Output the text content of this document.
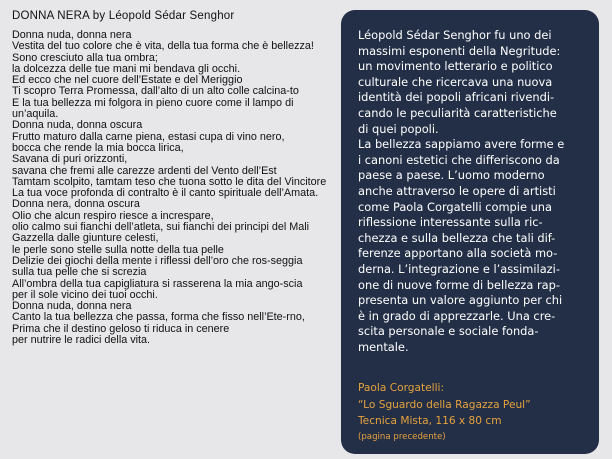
DONNA NERA by Léopold Sédar Senghor
Donna nuda, donna nera
Vestita del tuo colore che è vita, della tua forma che è bellezza!
Sono cresciuto alla tua ombra;
la dolcezza delle tue mani mi bendava gli occhi.
Ed ecco che nel cuore dell’Estate e del Meriggio
Ti scopro Terra Promessa, dall’alto di un alto colle calcina-to
E la tua bellezza mi folgora in pieno cuore come il lampo di un’aquila.
Donna nuda, donna oscura
Frutto maturo dalla carne piena, estasi cupa di vino nero,
bocca che rende la mia bocca lirica,
Savana di puri orizzonti,
savana che fremi alle carezze ardenti del Vento dell’Est
Tamtam scolpito, tamtam teso che tuona sotto le dita del Vincitore
La tua voce profonda di contralto è il canto spirituale dell’Amata.
Donna nera, donna oscura
Olio che alcun respiro riesce a increspare,
olio calmo sui fianchi dell’atleta, sui fianchi dei principi del Mali
Gazzella dalle giunture celesti,
le perle sono stelle sulla notte della tua pelle
Delizie dei giochi della mente i riflessi dell’oro che ros-seggia
sulla tua pelle che si screzia
All’ombra della tua capigliatura si rasserena la mia ango-scia
per il sole vicino dei tuoi occhi.
Donna nuda, donna nera
Canto la tua bellezza che passa, forma che fisso nell’Ete-rno,
Prima che il destino geloso ti riduca in cenere
per nutrire le radici della vita.
Léopold Sédar Senghor fu uno dei
massimi esponenti della Negritude:
un movimento letterario e politico
culturale che ricercava una nuova
identità dei popoli africani rivendi-
cando le peculiarità caratteristiche
di quei popoli.
La bellezza sappiamo avere forme e
i canoni estetici che differiscono da
paese a paese. L’uomo moderno
anche attraverso le opere di artisti
come Paola Corgatelli compie una
riflessione interessante sulla ric-
chezza e sulla bellezza che tali dif-
ferenze apportano alla società mo-
derna. L’integrazione e l’assimilazi-
one di nuove forme di bellezza rap-
presenta un valore aggiunto per chi
è in grado di apprezzarle. Una cre-
scita personale e sociale fonda-
mentale.
Paola Corgatelli:
“Lo Sguardo della Ragazza Peul”
Tecnica Mista, 116 x 80 cm
(pagina precedente)
